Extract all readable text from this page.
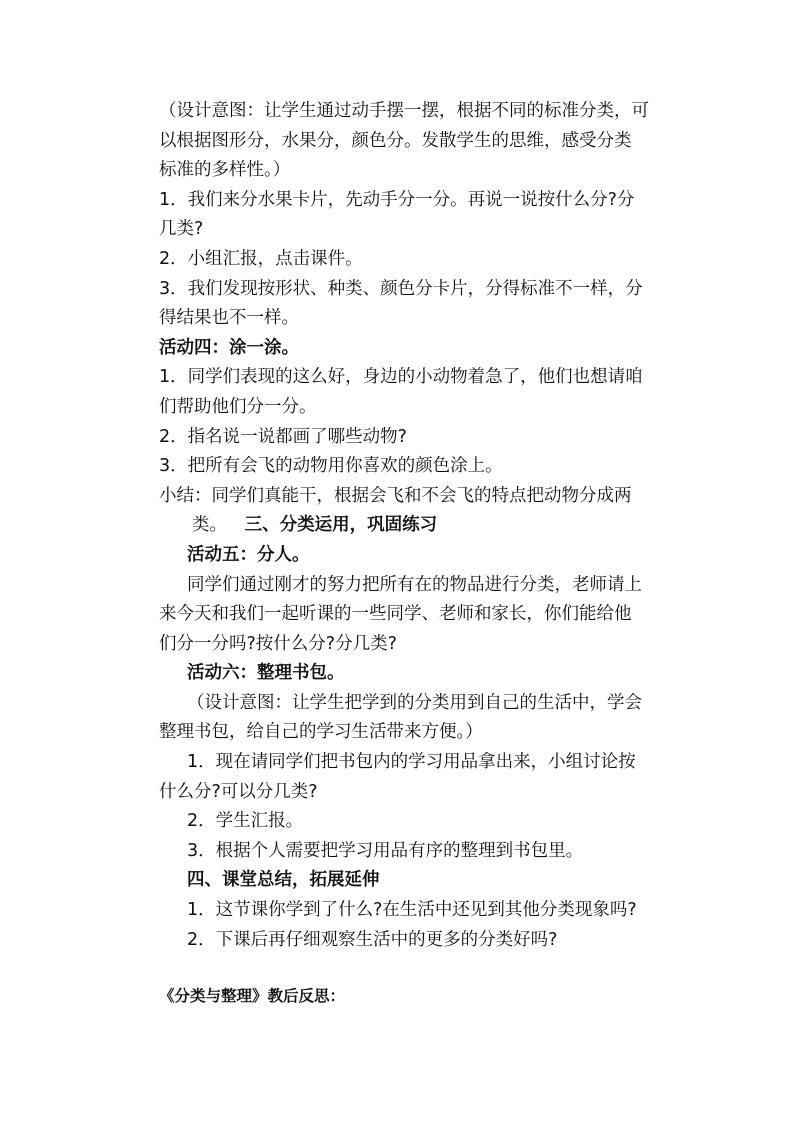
（设计意图：让学生通过动手摆一摆，根据不同的标准分类，可
以根据图形分，水果分，颜色分。发散学生的思维，感受分类
标准的多样性。）
1．我们来分水果卡片，先动手分一分。再说一说按什么分?分
几类?
2．小组汇报，点击课件。
3．我们发现按形状、种类、颜色分卡片，分得标准不一样，分
得结果也不一样。
活动四：涂一涂。
1．同学们表现的这么好，身边的小动物着急了，他们也想请咱
们帮助他们分一分。
2．指名说一说都画了哪些动物?
3．把所有会飞的动物用你喜欢的颜色涂上。
小结：同学们真能干，根据会飞和不会飞的特点把动物分成两
类。 三、分类运用，巩固练习
活动五：分人。
同学们通过刚才的努力把所有在的物品进行分类，老师请上
来今天和我们一起听课的一些同学、老师和家长，你们能给他
们分一分吗?按什么分?分几类?
活动六：整理书包。
（设计意图：让学生把学到的分类用到自己的生活中，学会
整理书包，给自己的学习生活带来方便。）
1．现在请同学们把书包内的学习用品拿出来，小组讨论按
什么分?可以分几类?
2．学生汇报。
3．根据个人需要把学习用品有序的整理到书包里。
四、课堂总结，拓展延伸
1．这节课你学到了什么?在生活中还见到其他分类现象吗?
2．下课后再仔细观察生活中的更多的分类好吗?
《分类与整理》教后反思：
